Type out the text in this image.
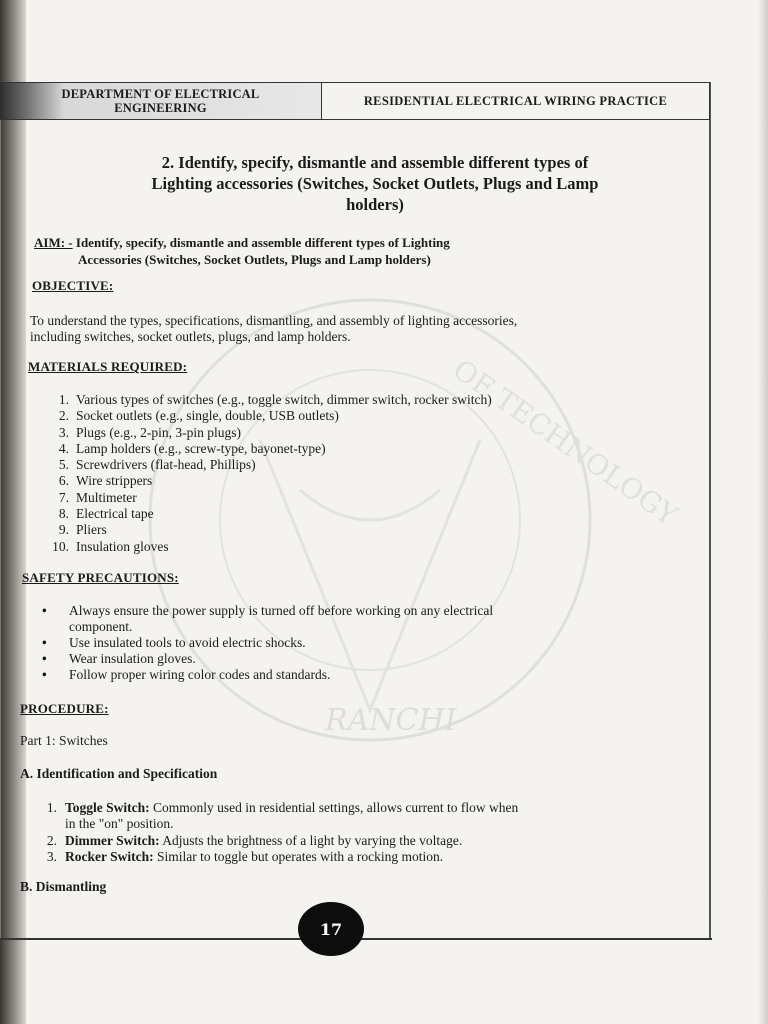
RANCHI
OF TECHNOLOGY
DEPARTMENT OF ELECTRICAL
ENGINEERING
RESIDENTIAL ELECTRICAL WIRING PRACTICE
2. Identify, specify, dismantle and assemble different types of
Lighting accessories (Switches, Socket Outlets, Plugs and Lamp
holders)
AIM: - Identify, specify, dismantle and assemble different types of Lighting
Accessories (Switches, Socket Outlets, Plugs and Lamp holders)
OBJECTIVE:
To understand the types, specifications, dismantling, and assembly of lighting accessories,
including switches, socket outlets, plugs, and lamp holders.
MATERIALS REQUIRED:
1. Various types of switches (e.g., toggle switch, dimmer switch, rocker switch)
2. Socket outlets (e.g., single, double, USB outlets)
3. Plugs (e.g., 2-pin, 3-pin plugs)
4. Lamp holders (e.g., screw-type, bayonet-type)
5. Screwdrivers (flat-head, Phillips)
6. Wire strippers
7. Multimeter
8. Electrical tape
9. Pliers
10. Insulation gloves
SAFETY PRECAUTIONS:
•	Always ensure the power supply is turned off before working on any electrical
component.
•	Use insulated tools to avoid electric shocks.
•	Wear insulation gloves.
•	Follow proper wiring color codes and standards.
PROCEDURE:
Part 1: Switches
A. Identification and Specification
1. Toggle Switch: Commonly used in residential settings, allows current to flow when
in the "on" position.
2. Dimmer Switch: Adjusts the brightness of a light by varying the voltage.
3. Rocker Switch: Similar to toggle but operates with a rocking motion.
B. Dismantling
17
